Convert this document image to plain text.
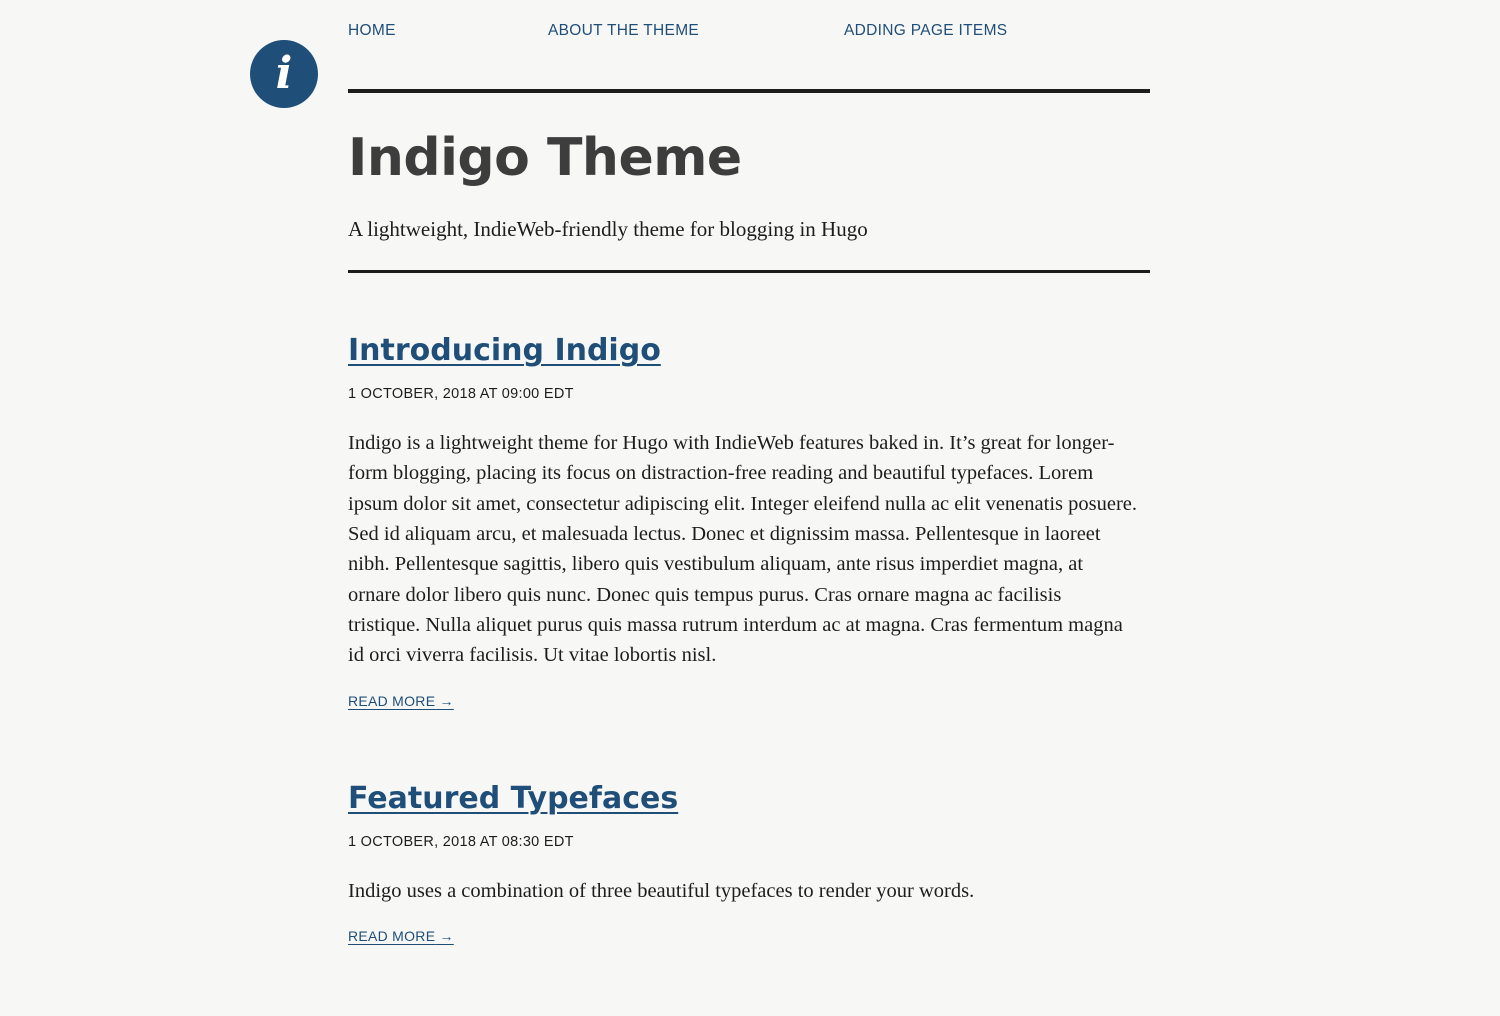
i
HOME	ABOUT THE THEME	ADDING PAGE ITEMS
Indigo Theme

A lightweight, IndieWeb-friendly theme for blogging in Hugo

Introducing Indigo

1 OCTOBER, 2018 AT 09:00 EDT

Indigo is a lightweight theme for Hugo with IndieWeb features baked in. It’s great for longer-form blogging, placing its focus on distraction-free reading and beautiful typefaces. Lorem ipsum dolor sit amet, consectetur adipiscing elit. Integer eleifend nulla ac elit venenatis posuere. Sed id aliquam arcu, et malesuada lectus. Donec et dignissim massa. Pellentesque in laoreet nibh. Pellentesque sagittis, libero quis vestibulum aliquam, ante risus imperdiet magna, at ornare dolor libero quis nunc. Donec quis tempus purus. Cras ornare magna ac facilisis tristique. Nulla aliquet purus quis massa rutrum interdum ac at magna. Cras fermentum magna id orci viverra facilisis. Ut vitae lobortis nisl.

READ MORE →
Featured Typefaces

1 OCTOBER, 2018 AT 08:30 EDT

Indigo uses a combination of three beautiful typefaces to render your words.

READ MORE →
